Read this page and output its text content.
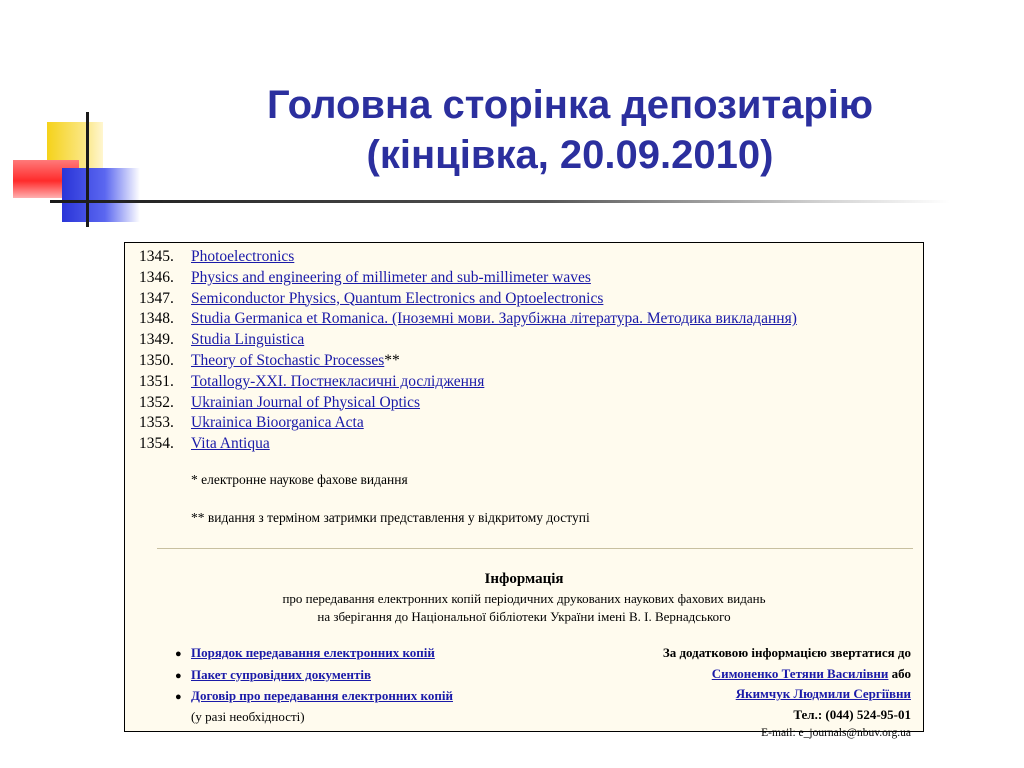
Головна сторінка депозитарію
(кінцівка, 20.09.2010)
1345. Photoelectronics
1346. Physics and engineering of millimeter and sub-millimeter waves
1347. Semiconductor Physics, Quantum Electronics and Optoelectronics
1348. Studia Germanica et Romanica. (Іноземні мови. Зарубіжна література. Методика викладання)
1349. Studia Linguistica
1350. Theory of Stochastic Processes**
1351. Totallogy-XXI. Постнекласичні дослідження
1352. Ukrainian Journal of Physical Optics
1353. Ukrainica Bioorganica Acta
1354. Vita Antiqua
* електронне наукове фахове видання
** видання з терміном затримки представлення у відкритому доступі
Інформація
про передавання електронних копій періодичних друкованих наукових фахових видань
на зберігання до Національної бібліотеки України імені В. І. Вернадського
● Порядок передавання електронних копій
● Пакет супровідних документів
● Договір про передавання електронних копій
(у разі необхідності)
За додатковою інформацією звертатися до
Симоненко Тетяни Василівни або
Якимчук Людмили Сергіївни
Тел.: (044) 524-95-01
E-mail: e_journals@nbuv.org.ua
